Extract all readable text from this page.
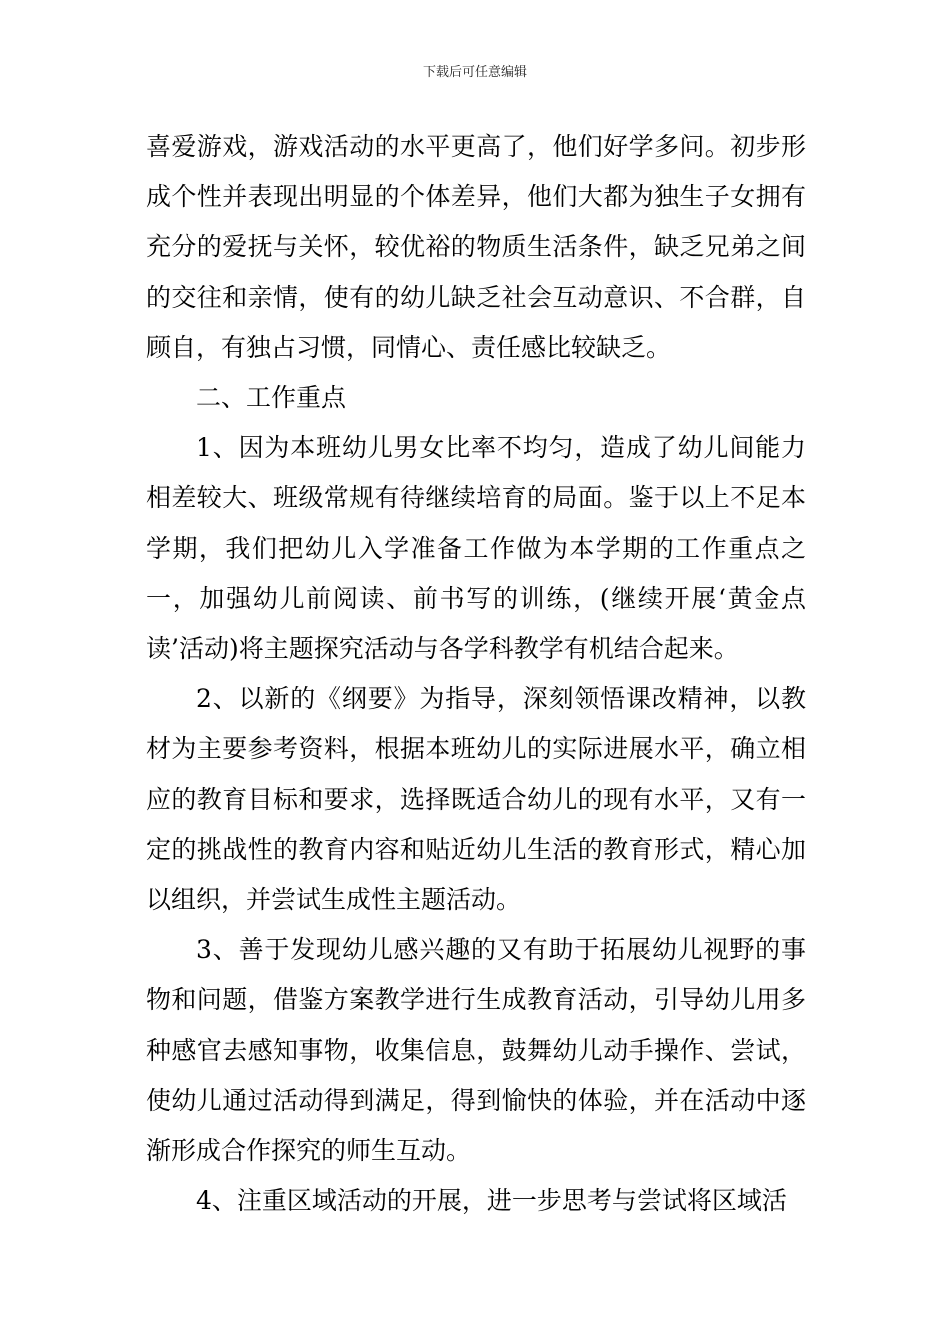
下载后可任意编辑

喜爱游戏，游戏活动的水平更高了，他们好学多问。初步形成个性并表现出明显的个体差异，他们大都为独生子女拥有充分的爱抚与关怀，较优裕的物质生活条件，缺乏兄弟之间的交往和亲情，使有的幼儿缺乏社会互动意识、不合群，自顾自，有独占习惯，同情心、责任感比较缺乏。

二、工作重点

1、因为本班幼儿男女比率不均匀，造成了幼儿间能力相差较大、班级常规有待继续培育的局面。鉴于以上不足本学期，我们把幼儿入学准备工作做为本学期的工作重点之一，加强幼儿前阅读、前书写的训练，(继续开展‘黄金点读’活动)将主题探究活动与各学科教学有机结合起来。

2、以新的《纲要》为指导，深刻领悟课改精神，以教材为主要参考资料，根据本班幼儿的实际进展水平，确立相应的教育目标和要求，选择既适合幼儿的现有水平，又有一定的挑战性的教育内容和贴近幼儿生活的教育形式，精心加以组织，并尝试生成性主题活动。

3、善于发现幼儿感兴趣的又有助于拓展幼儿视野的事物和问题，借鉴方案教学进行生成教育活动，引导幼儿用多种感官去感知事物，收集信息，鼓舞幼儿动手操作、尝试，使幼儿通过活动得到满足，得到愉快的体验，并在活动中逐渐形成合作探究的师生互动。

4、注重区域活动的开展，进一步思考与尝试将区域活
